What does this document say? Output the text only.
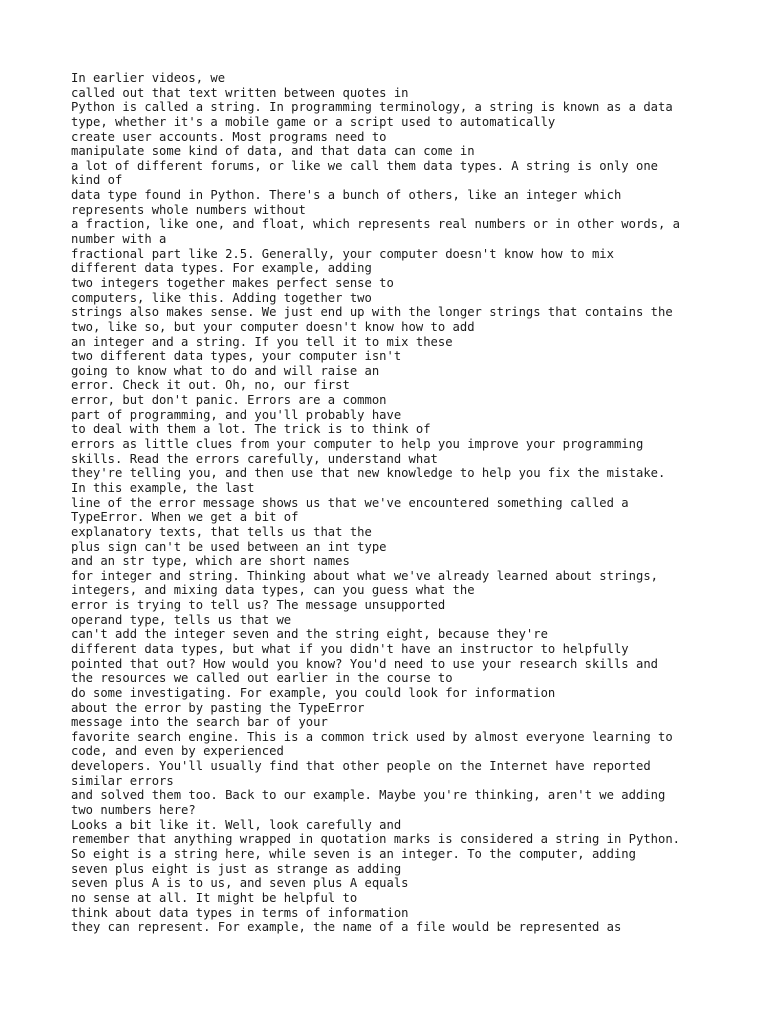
In earlier videos, we
called out that text written between quotes in
Python is called a string. In programming terminology, a string is known as a data
type, whether it's a mobile game or a script used to automatically
create user accounts. Most programs need to
manipulate some kind of data, and that data can come in
a lot of different forums, or like we call them data types. A string is only one
kind of
data type found in Python. There's a bunch of others, like an integer which
represents whole numbers without
a fraction, like one, and float, which represents real numbers or in other words, a
number with a
fractional part like 2.5. Generally, your computer doesn't know how to mix
different data types. For example, adding
two integers together makes perfect sense to
computers, like this. Adding together two
strings also makes sense. We just end up with the longer strings that contains the
two, like so, but your computer doesn't know how to add
an integer and a string. If you tell it to mix these
two different data types, your computer isn't
going to know what to do and will raise an
error. Check it out. Oh, no, our first
error, but don't panic. Errors are a common
part of programming, and you'll probably have
to deal with them a lot. The trick is to think of
errors as little clues from your computer to help you improve your programming
skills. Read the errors carefully, understand what
they're telling you, and then use that new knowledge to help you fix the mistake.
In this example, the last
line of the error message shows us that we've encountered something called a
TypeError. When we get a bit of
explanatory texts, that tells us that the
plus sign can't be used between an int type
and an str type, which are short names
for integer and string. Thinking about what we've already learned about strings,
integers, and mixing data types, can you guess what the
error is trying to tell us? The message unsupported
operand type, tells us that we
can't add the integer seven and the string eight, because they're
different data types, but what if you didn't have an instructor to helpfully
pointed that out? How would you know? You'd need to use your research skills and
the resources we called out earlier in the course to
do some investigating. For example, you could look for information
about the error by pasting the TypeError
message into the search bar of your
favorite search engine. This is a common trick used by almost everyone learning to
code, and even by experienced
developers. You'll usually find that other people on the Internet have reported
similar errors
and solved them too. Back to our example. Maybe you're thinking, aren't we adding
two numbers here?
Looks a bit like it. Well, look carefully and
remember that anything wrapped in quotation marks is considered a string in Python.
So eight is a string here, while seven is an integer. To the computer, adding
seven plus eight is just as strange as adding
seven plus A is to us, and seven plus A equals
no sense at all. It might be helpful to
think about data types in terms of information
they can represent. For example, the name of a file would be represented as
